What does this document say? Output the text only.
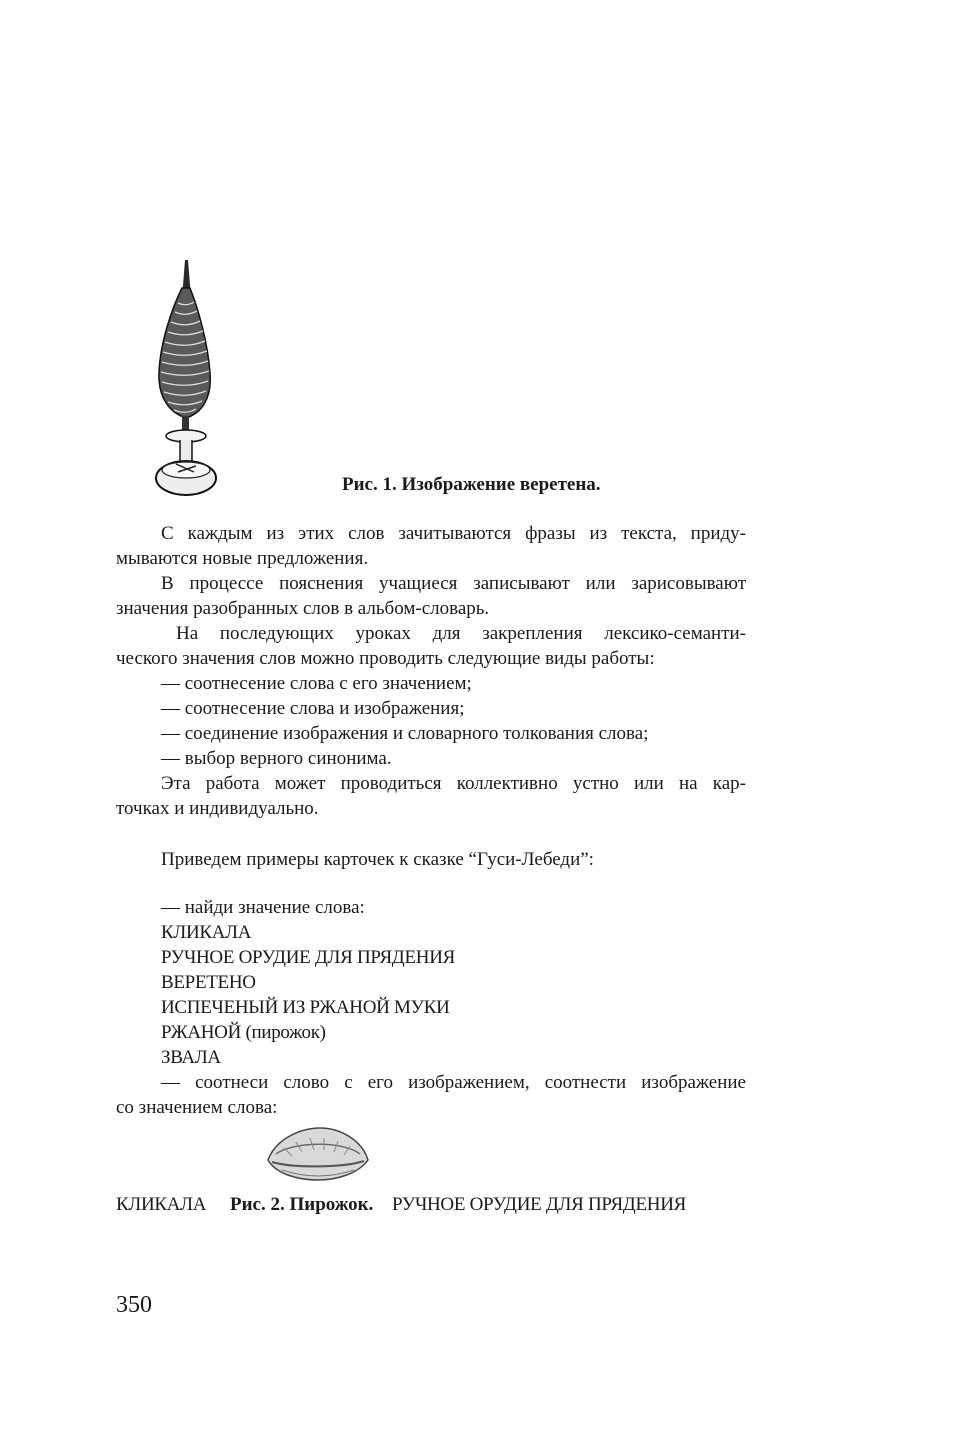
Рис. 1. Изображение веретена.
С каждым из этих слов зачитываются фразы из текста, приду-
мываются новые предложения.
В процессе пояснения учащиеся записывают или зарисовывают
значения разобранных слов в альбом-словарь.
На последующих уроках для закрепления лексико-семанти-
ческого значения слов можно проводить следующие виды работы:
— соотнесение слова с его значением;
— соотнесение слова и изображения;
— соединение изображения и словарного толкования слова;
— выбор верного синонима.
Эта работа может проводиться коллективно устно или на кар-
точках и индивидуально.
Приведем примеры карточек к сказке “Гуси-Лебеди”:
— найди значение слова:
КЛИКАЛА
РУЧНОЕ ОРУДИЕ ДЛЯ ПРЯДЕНИЯ
ВЕРЕТЕНО
ИСПЕЧЕНЫЙ ИЗ РЖАНОЙ МУКИ
РЖАНОЙ (пирожок)
ЗВАЛА
— соотнеси слово с его изображением, соотнести изображение
со значением слова:
КЛИКАЛА Рис. 2. Пирожок. РУЧНОЕ ОРУДИЕ ДЛЯ ПРЯДЕНИЯ
350
